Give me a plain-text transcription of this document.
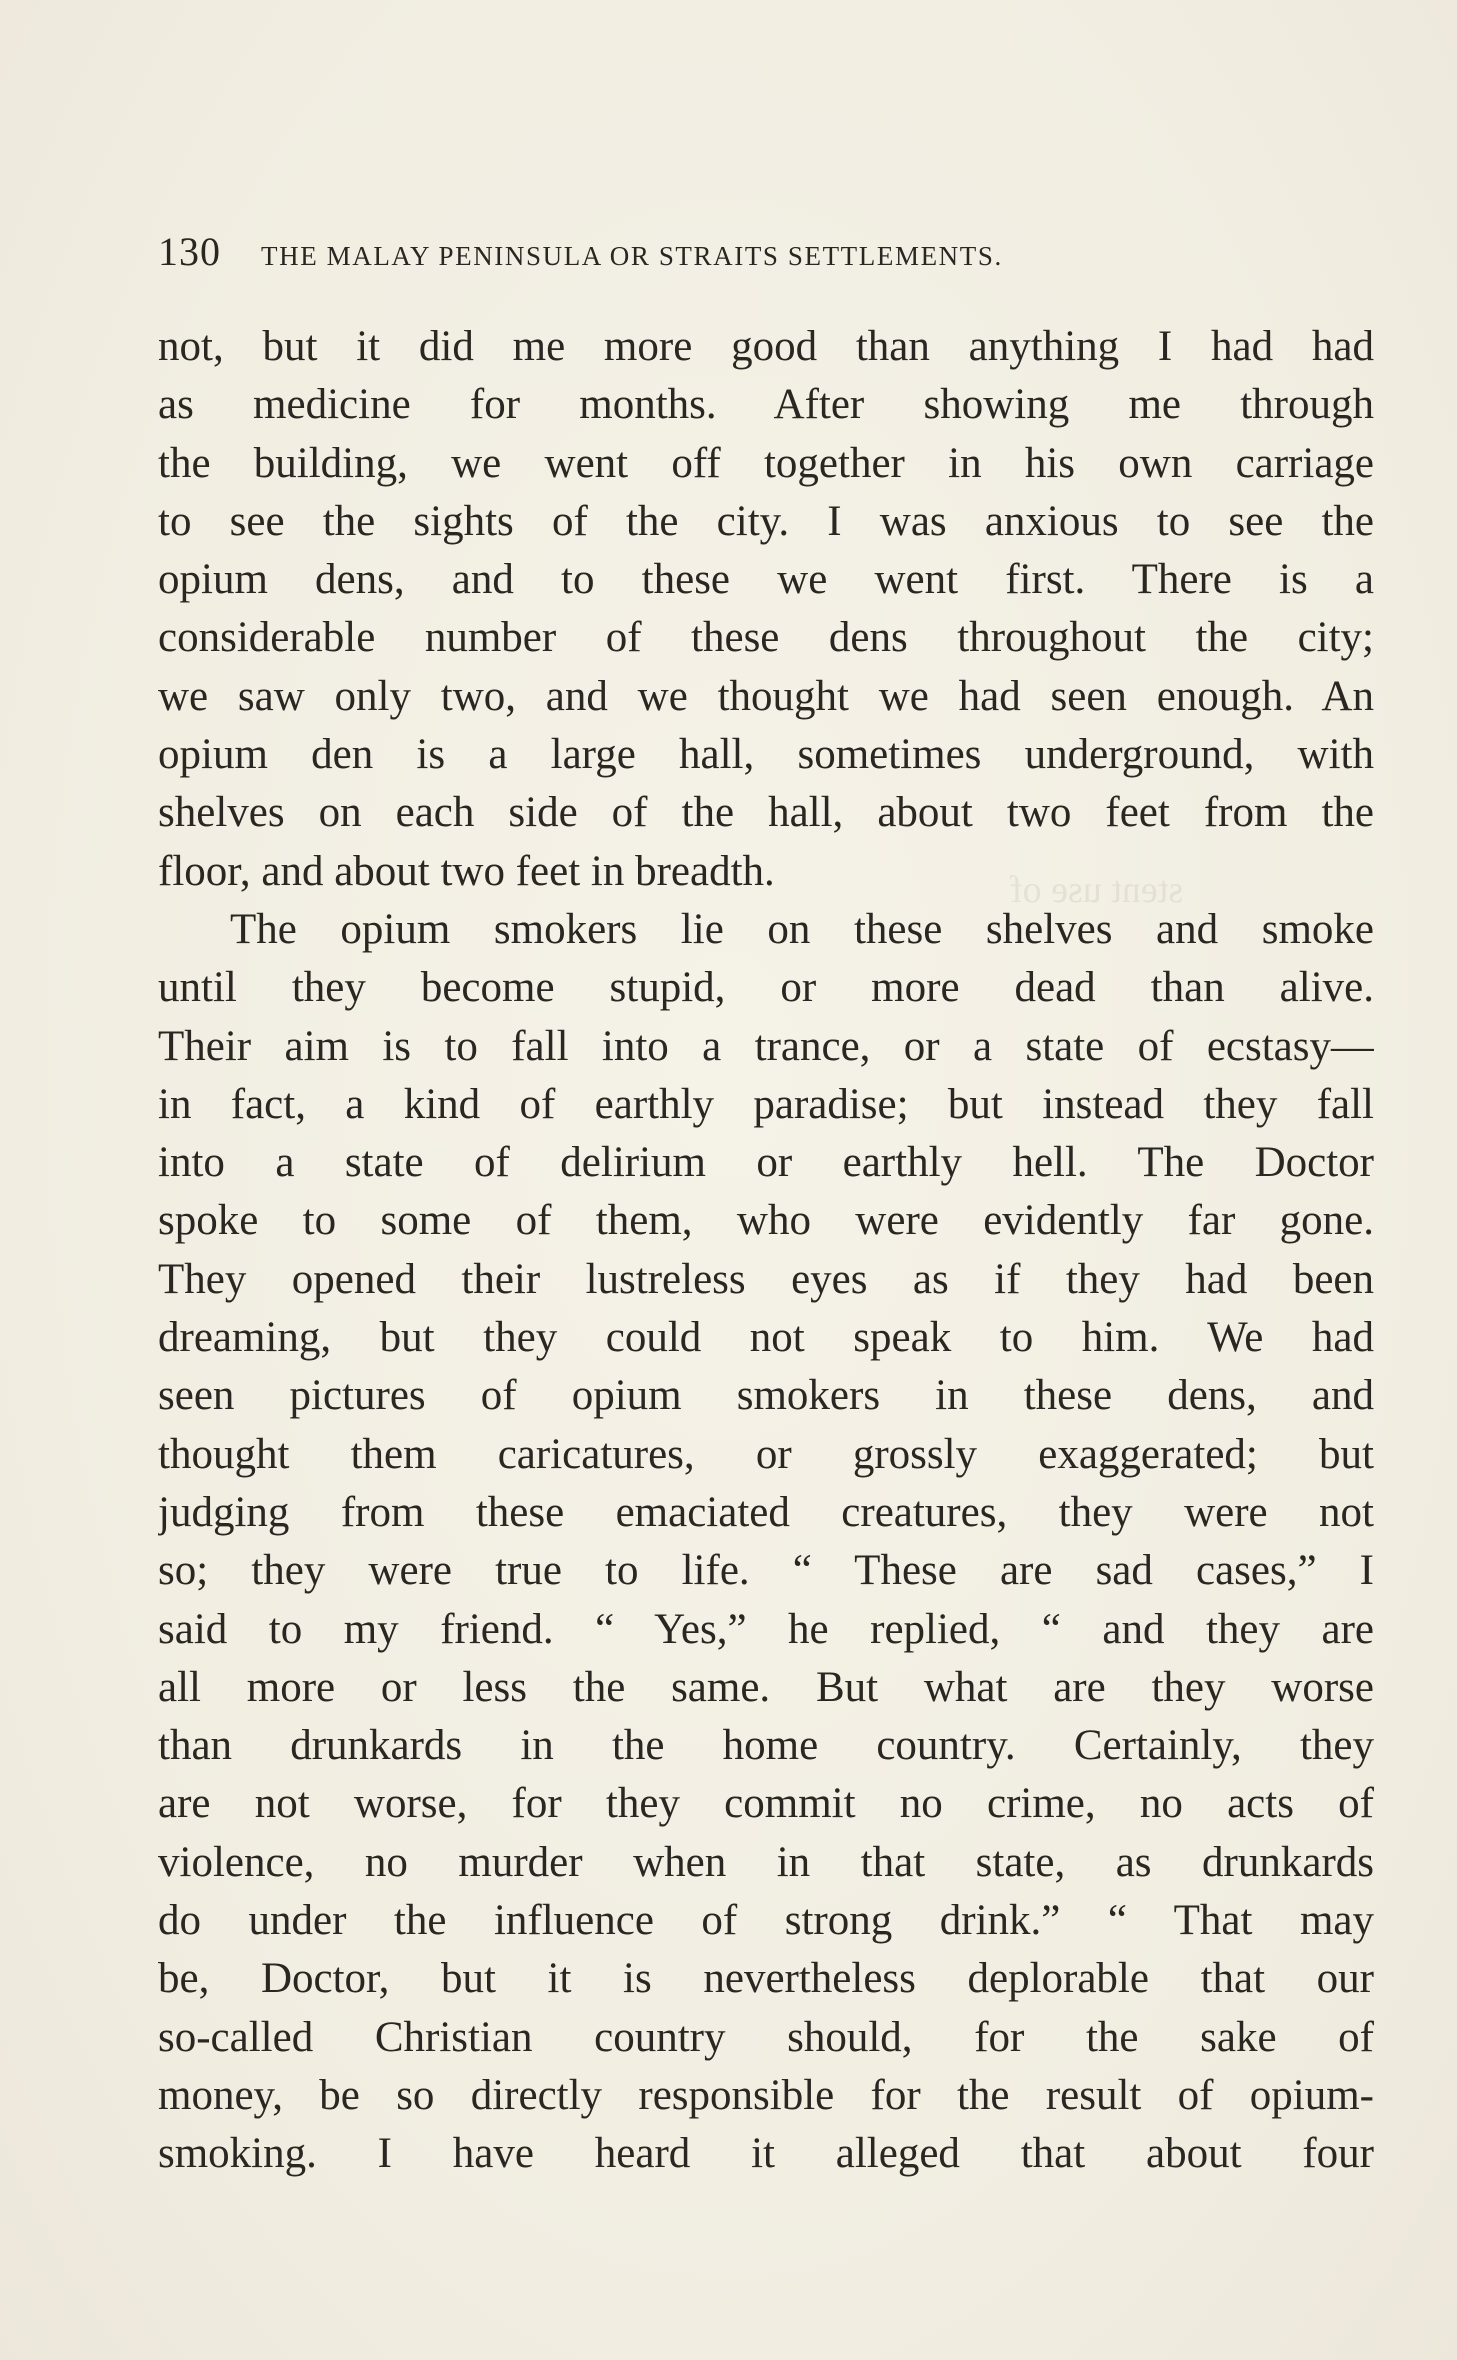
130 THE MALAY PENINSULA OR STRAITS SETTLEMENTS.
stent use of
not, but it did me more good than anything I had had
as medicine for months. After showing me through
the building, we went off together in his own carriage
to see the sights of the city. I was anxious to see the
opium dens, and to these we went first. There is a
considerable number of these dens throughout the city;
we saw only two, and we thought we had seen enough. An
opium den is a large hall, sometimes underground, with
shelves on each side of the hall, about two feet from the
floor, and about two feet in breadth.
The opium smokers lie on these shelves and smoke
until they become stupid, or more dead than alive.
Their aim is to fall into a trance, or a state of ecstasy—
in fact, a kind of earthly paradise; but instead they fall
into a state of delirium or earthly hell. The Doctor
spoke to some of them, who were evidently far gone.
They opened their lustreless eyes as if they had been
dreaming, but they could not speak to him. We had
seen pictures of opium smokers in these dens, and
thought them caricatures, or grossly exaggerated; but
judging from these emaciated creatures, they were not
so; they were true to life. “ These are sad cases,” I
said to my friend. “ Yes,” he replied, “ and they are
all more or less the same. But what are they worse
than drunkards in the home country. Certainly, they
are not worse, for they commit no crime, no acts of
violence, no murder when in that state, as drunkards
do under the influence of strong drink.” “ That may
be, Doctor, but it is nevertheless deplorable that our
so-called Christian country should, for the sake of
money, be so directly responsible for the result of opium-
smoking. I have heard it alleged that about four
